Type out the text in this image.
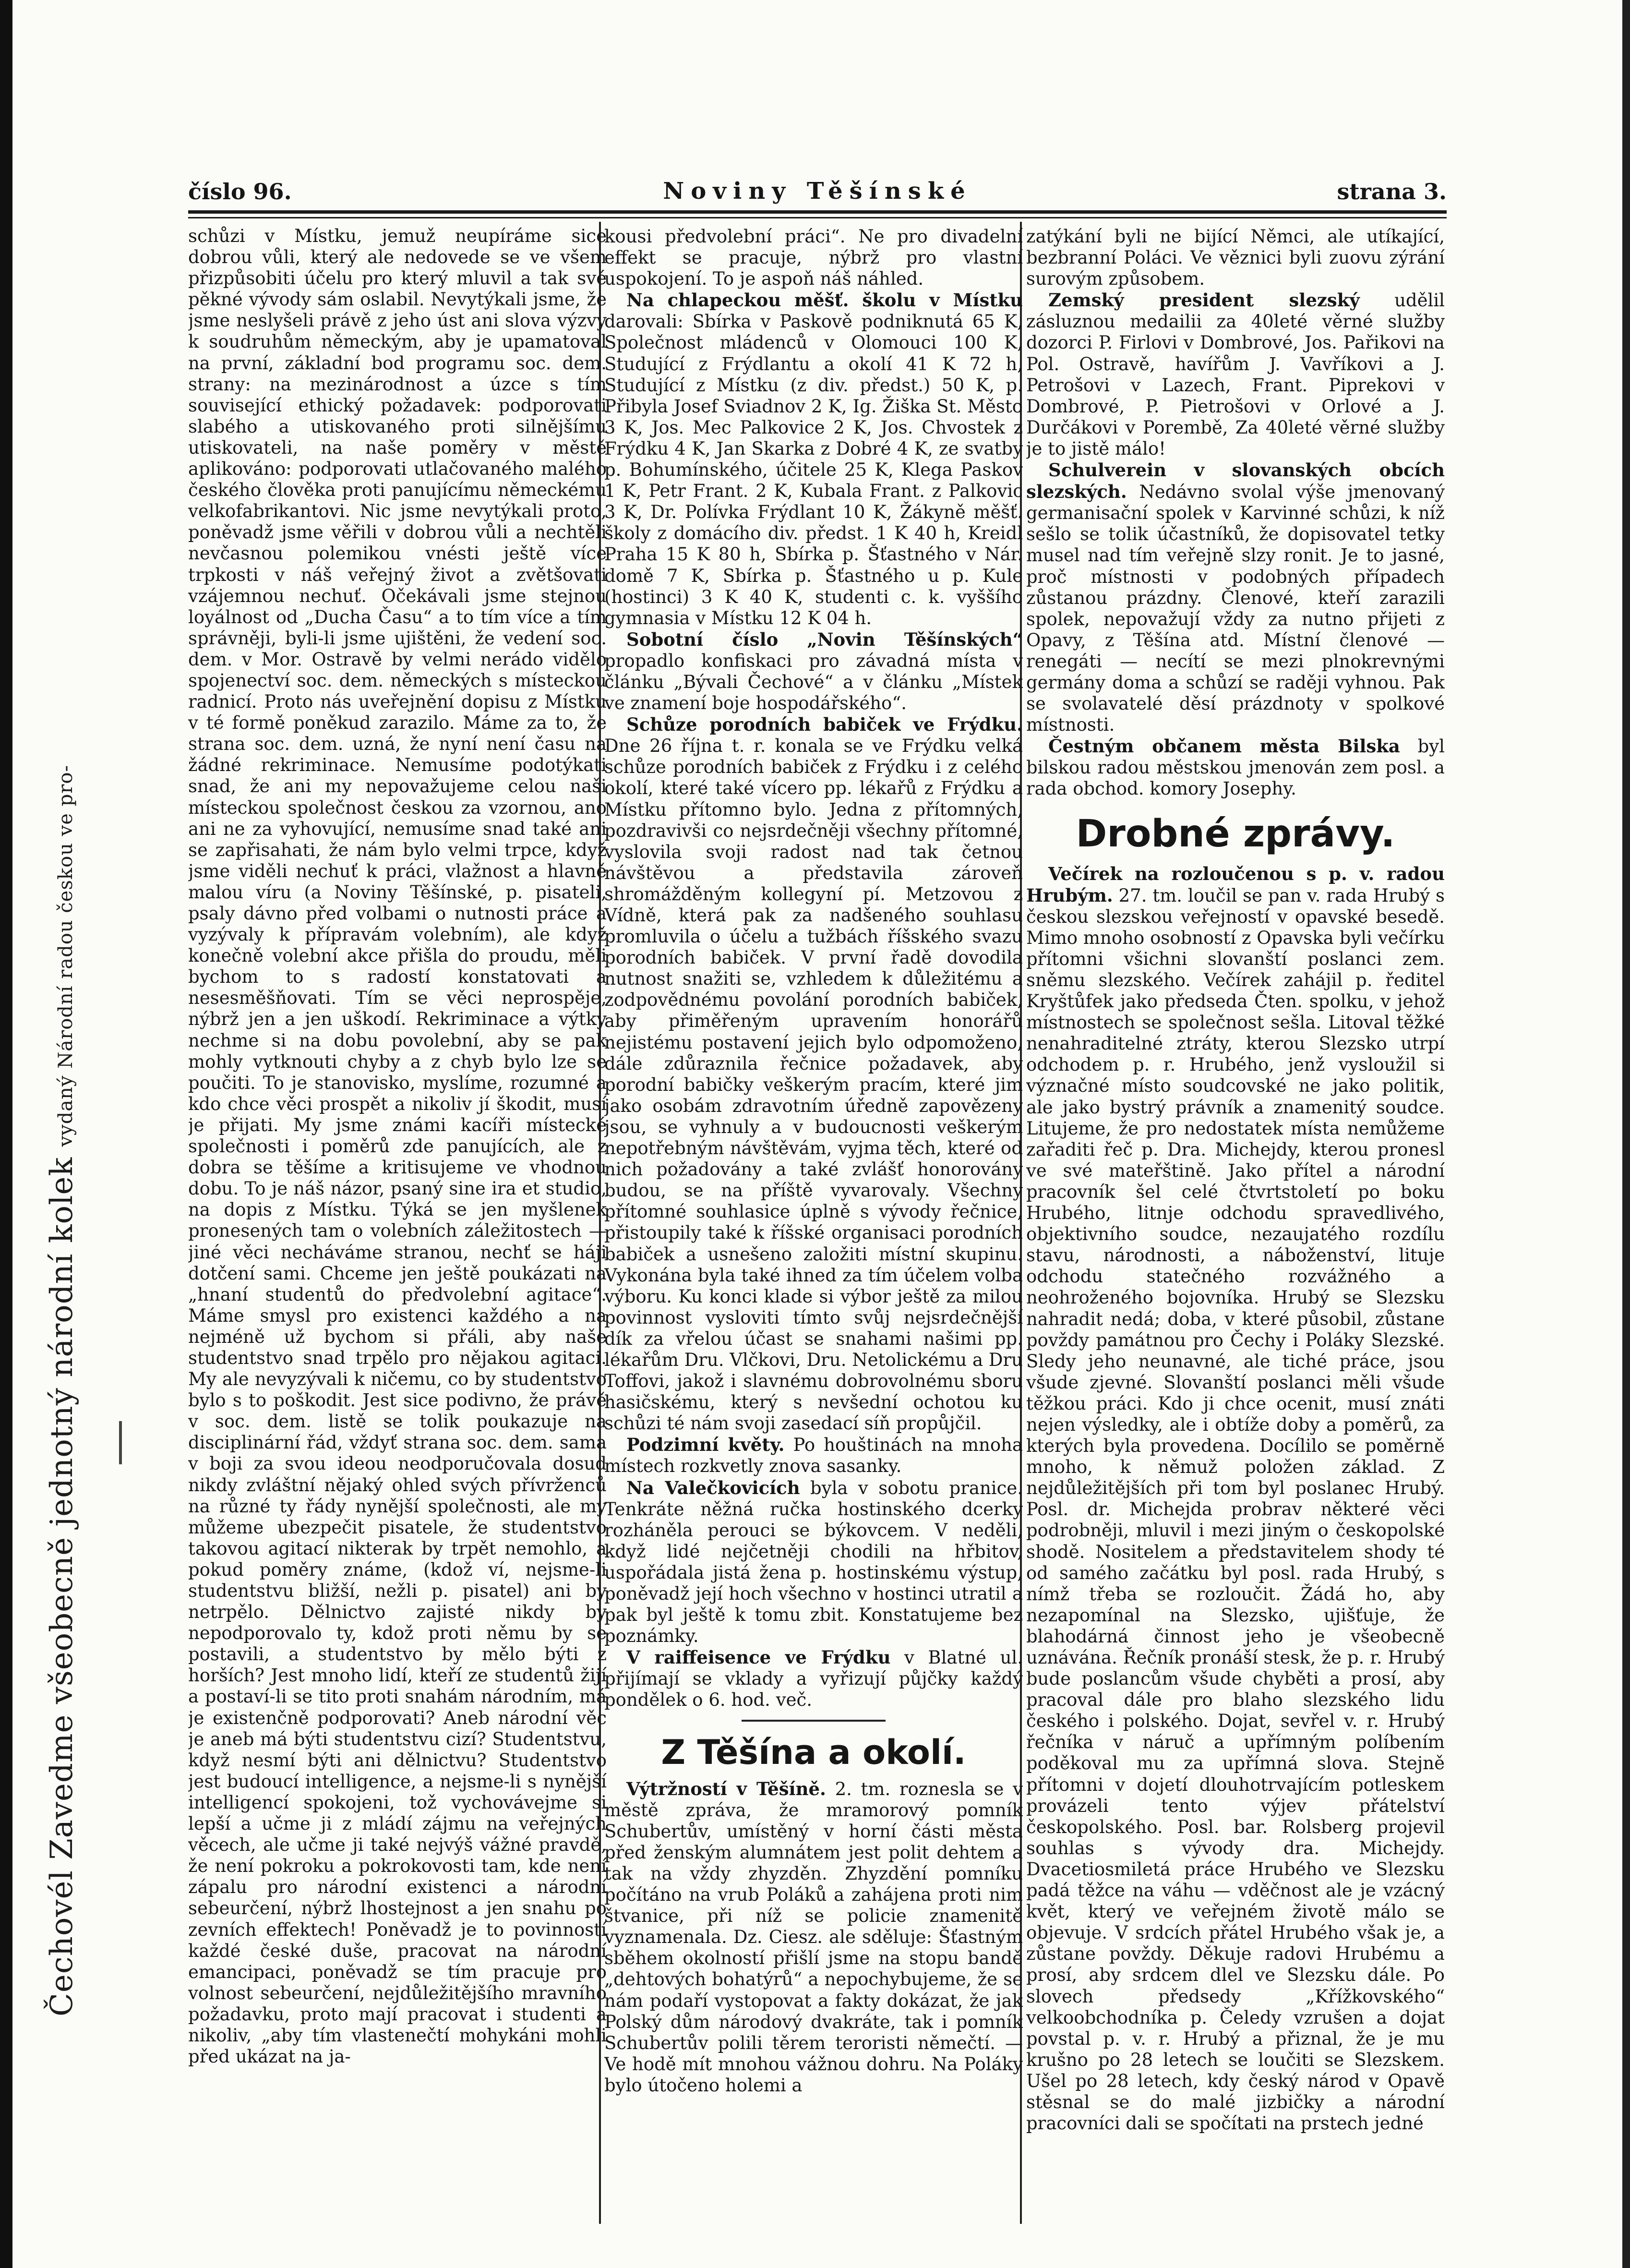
Čechovél Zavedme všeobecně jednotný národní kolek vydaný Národní radou českou ve pro-
číslo 96.	Noviny Těšínské	strana 3.

schůzi v Místku, jemuž neupíráme sice dobrou vůli, který ale nedovede se ve všem přizpůsobiti účelu pro který mluvil a tak své pěkné vývody sám oslabil. Nevytýkali jsme, že jsme neslyšeli právě z jeho úst ani slova výzvy k soudruhům německým, aby je upamatoval na první, základní bod programu soc. dem. strany: na mezinárodnost a úzce s tím související ethický požadavek: podporovati slabého a utiskovaného proti silnějšímu utiskovateli, na naše poměry v městě aplikováno: podporovati utlačovaného malého českého člověka proti panujícímu německému velkofabrikantovi. Nic jsme nevytýkali proto, poněvadž jsme věřili v dobrou vůli a nechtěli nevčasnou polemikou vnésti ještě více trpkosti v náš veřejný život a zvětšovati vzájemnou nechuť. Očekávali jsme stejnou loyálnost od „Ducha Času“ a to tím více a tím správněji, byli-li jsme ujištěni, že vedení soc. dem. v Mor. Ostravě by velmi nerádo vidělo spojenectví soc. dem. německých s místeckou radnicí. Proto nás uveřejnění dopisu z Místku v té formě poněkud zarazilo. Máme za to, že strana soc. dem. uzná, že nyní není času na žádné rekriminace. Nemusíme podotýkati snad, že ani my nepovažujeme celou naši místeckou společnost českou za vzornou, ano ani ne za vyhovující, nemusíme snad také ani se zapřisahati, že nám bylo velmi trpce, když jsme viděli nechuť k práci, vlažnost a hlavně malou víru (a Noviny Těšínské, p. pisateli, psaly dávno před volbami o nutnosti práce a vyzývaly k přípravám volebním), ale když konečně volební akce přišla do proudu, měli bychom to s radostí konstatovati a nesesměšňovati. Tím se věci neprospěje, nýbrž jen a jen uškodí. Rekriminace a výtky nechme si na dobu povolební, aby se pak mohly vytknouti chyby a z chyb bylo lze se poučiti. To je stanovisko, myslíme, rozumné a kdo chce věci prospět a nikoliv jí škodit, musí je přijati. My jsme známi kacíři místecké společnosti i poměrů zde panujících, ale z dobra se těšíme a kritisujeme ve vhodnou dobu. To je náš názor, psaný sine ira et studio, na dopis z Místku. Týká se jen myšlenek pronesených tam o volebních záležitostech — jiné věci necháváme stranou, nechť se háji dotčení sami. Chceme jen ještě poukázati na „hnaní studentů do předvolební agitace“. Máme smysl pro existenci každého a na nejméně už bychom si přáli, aby naše studentstvo snad trpělo pro nějakou agitaci. My ale nevyzývali k ničemu, co by studentstvo bylo s to poškodit. Jest sice podivno, že právě v soc. dem. listě se tolik poukazuje na disciplinární řád, vždyť strana soc. dem. sama v boji za svou ideou neodporučovala dosud nikdy zvláštní nějaký ohled svých přívrženců na různé ty řády nynější společnosti, ale my můžeme ubezpečit pisatele, že studentstvo takovou agitací nikterak by trpět nemohlo, a pokud poměry známe, (kdož ví, nejsme-li studentstvu bližší, nežli p. pisatel) ani by netrpělo. Dělnictvo zajisté nikdy by nepodporovalo ty, kdož proti němu by se postavili, a studentstvo by mělo býti z horších? Jest mnoho lidí, kteří ze studentů žijí a postaví-li se tito proti snahám národním, má je existenčně podporovati? Aneb národní věc je aneb má býti studentstvu cizí? Studentstvu, když nesmí býti ani dělnictvu? Studentstvo jest budoucí intelligence, a nejsme-li s nynější intelligencí spokojeni, tož vychovávejme si lepší a učme ji z mládí zájmu na veřejných věcech, ale učme ji také nejvýš vážné pravdě, že není pokroku a pokrokovosti tam, kde není zápalu pro národní existenci a národní sebeurčení, nýbrž lhostejnost a jen snahu po zevních effektech! Poněvadž je to povinností každé české duše, pracovat na národní emancipaci, poněvadž se tím pracuje pro volnost sebeurčení, nejdůležitějšího mravního požadavku, proto mají pracovat i studenti a nikoliv, „aby tím vlastenečtí mohykáni mohli před ukázat na ja-

kousi předvolební práci“. Ne pro divadelní effekt se pracuje, nýbrž pro vlastní uspokojení. To je aspoň náš náhled.

Na chlapeckou měšť. školu v Místku darovali: Sbírka v Paskově podniknutá 65 K, Společnost mládenců v Olomouci 100 K, Studující z Frýdlantu a okolí 41 K 72 h, Studující z Místku (z div. předst.) 50 K, p. Přibyla Josef Sviadnov 2 K, Ig. Žiška St. Město 3 K, Jos. Mec Palkovice 2 K, Jos. Chvostek z Frýdku 4 K, Jan Skarka z Dobré 4 K, ze svatby p. Bohumínského, účitele 25 K, Klega Paskov 1 K, Petr Frant. 2 K, Kubala Frant. z Palkovic 3 K, Dr. Polívka Frýdlant 10 K, Žákyně měšť. školy z domácího div. předst. 1 K 40 h, Kreidl Praha 15 K 80 h, Sbírka p. Šťastného v Nár. domě 7 K, Sbírka p. Šťastného u p. Kule (hostinci) 3 K 40 K, studenti c. k. vyššího gymnasia v Místku 12 K 04 h.

Sobotní číslo „Novin Těšínských“ propadlo konfiskaci pro závadná místa v článku „Bývali Čechové“ a v článku „Místek ve znamení boje hospodářského“.

Schůze porodních babiček ve Frýdku. Dne 26 října t. r. konala se ve Frýdku velká schůze porodních babiček z Frýdku i z celého okolí, které také vícero pp. lékařů z Frýdku a Místku přítomno bylo. Jedna z přítomných, pozdravivši co nejsrdečněji všechny přítomné, vyslovila svoji radost nad tak četnou návštěvou a představila zároveň shromážděným kollegyní pí. Metzovou z Vídně, která pak za nadšeného souhlasu promluvila o účelu a tužbách říšského svazu porodních babiček. V první řadě dovodila nutnost snažiti se, vzhledem k důležitému a zodpovědnému povolání porodních babiček, aby přiměřeným upravením honorářů nejistému postavení jejich bylo odpomoženo, dále zdůraznila řečnice požadavek, aby porodní babičky veškerým pracím, které jim jako osobám zdravotním úředně zapovězeny jsou, se vyhnuly a v budoucnosti veškerým nepotřebným návštěvám, vyjma těch, které od nich požadovány a také zvlášť honorovány budou, se na příště vyvarovaly. Všechny přítomné souhlasice úplně s vývody řečnice, přistoupily také k říšské organisaci porodních babiček a usnešeno založiti místní skupinu. Vykonána byla také ihned za tím účelem volba výboru. Ku konci klade si výbor ještě za milou povinnost vysloviti tímto svůj nejsrdečnější dík za vřelou účast se snahami našimi pp. lékařům Dru. Vlčkovi, Dru. Netolickému a Dru Toffovi, jakož i slavnému dobrovolnému sboru hasičskému, který s nevšední ochotou ku schůzi té nám svoji zasedací síň propůjčil.

Podzimní květy. Po houštinách na mnoha místech rozkvetly znova sasanky.

Na Valečkovicích byla v sobotu pranice. Tenkráte něžná ručka hostinského dcerky rozháněla perouci se býkovcem. V neděli, když lidé nejčetněji chodili na hřbitov, uspořádala jistá žena p. hostinskému výstup, poněvadž její hoch všechno v hostinci utratil a pak byl ještě k tomu zbit. Konstatujeme bez poznámky.

V raiffeisence ve Frýdku v Blatné ul. přijímají se vklady a vyřizují půjčky každý pondělek o 6. hod. več.

Z Těšína a okolí.

Výtržností v Těšíně. 2. tm. roznesla se v městě zpráva, že mramorový pomník Schubertův, umístěný v horní části města před ženským alumnátem jest polit dehtem a tak na vždy zhyzděn. Zhyzdění pomníku počítáno na vrub Poláků a zahájena proti nim štvanice, při níž se policie znamenitě vyznamenala. Dz. Ciesz. ale sděluje: Šťastným sběhem okolností přišlí jsme na stopu bandě „dehtových bohatýrů“ a nepochybujeme, že se nám podaří vystopovat a fakty dokázat, že jak Polský dům národový dvakráte, tak i pomník Schubertův polili těrem teroristi němečtí. — Ve hodě mít mnohou vážnou dohru. Na Poláky bylo útočeno holemi a

zatýkání byli ne bijící Němci, ale utíkající, bezbranní Poláci. Ve věznici byli zuovu zýrání surovým způsobem.

Zemský president slezský udělil zásluznou medailii za 40leté věrné služby dozorci P. Firlovi v Dombrové, Jos. Pařikovi na Pol. Ostravě, havířům J. Vavříkovi a J. Petrošovi v Lazech, Frant. Piprekovi v Dombrové, P. Pietrošovi v Orlové a J. Durčákovi v Porembě, Za 40leté věrné služby je to jistě málo!

Schulverein v slovanských obcích slezských. Nedávno svolal výše jmenovaný germanisační spolek v Karvinné schůzi, k níž sešlo se tolik účastníků, že dopisovatel tetky musel nad tím veřejně slzy ronit. Je to jasné, proč místnosti v podobných případech zůstanou prázdny. Členové, kteří zarazili spolek, nepovažují vždy za nutno přijeti z Opavy, z Těšína atd. Místní členové — renegáti — necítí se mezi plnokrevnými germány doma a schůzí se raději vyhnou. Pak se svolavatelé děsí prázdnoty v spolkové místnosti.

Čestným občanem města Bilska byl bilskou radou městskou jmenován zem posl. a rada obchod. komory Josephy.

Drobné zprávy.

Večírek na rozloučenou s p. v. radou Hrubým. 27. tm. loučil se pan v. rada Hrubý s českou slezskou veřejností v opavské besedě. Mimo mnoho osobností z Opavska byli večírku přítomni všichni slovanští poslanci zem. sněmu slezského. Večírek zahájil p. ředitel Kryštůfek jako předseda Čten. spolku, v jehož místnostech se společnost sešla. Litoval těžké nenahraditelné ztráty, kterou Slezsko utrpí odchodem p. r. Hrubého, jenž vysloužil si význačné místo soudcovské ne jako politik, ale jako bystrý právník a znamenitý soudce. Litujeme, že pro nedostatek místa nemůžeme zařaditi řeč p. Dra. Michejdy, kterou pronesl ve své mateřštině. Jako přítel a národní pracovník šel celé čtvrtstoletí po boku Hrubého, litnje odchodu spravedlivého, objektivního soudce, nezaujatého rozdílu stavu, národnosti, a náboženství, lituje odchodu statečného rozvážného a neohroženého bojovníka. Hrubý se Slezsku nahradit nedá; doba, v které působil, zůstane povždy památnou pro Čechy i Poláky Slezské. Sledy jeho neunavné, ale tiché práce, jsou všude zjevné. Slovanští poslanci měli všude těžkou práci. Kdo ji chce ocenit, musí znáti nejen výsledky, ale i obtíže doby a poměrů, za kterých byla provedena. Docílilo se poměrně mnoho, k němuž položen základ. Z nejdůležitějších při tom byl poslanec Hrubý. Posl. dr. Michejda probrav některé věci podrobněji, mluvil i mezi jiným o českopolské shodě. Nositelem a představitelem shody té od samého začátku byl posl. rada Hrubý, s nímž třeba se rozloučit. Žádá ho, aby nezapomínal na Slezsko, ujišťuje, že blahodárná činnost jeho je všeobecně uznávána. Řečník pronáší stesk, že p. r. Hrubý bude poslancům všude chyběti a prosí, aby pracoval dále pro blaho slezského lidu českého i polského. Dojat, sevřel v. r. Hrubý řečníka v náruč a upřímným políbením poděkoval mu za upřímná slova. Stejně přítomni v dojetí dlouhotrvajícím potleskem provázeli tento výjev přátelství českopolského. Posl. bar. Rolsberg projevil souhlas s vývody dra. Michejdy. Dvacetiosmiletá práce Hrubého ve Slezsku padá těžce na váhu — vděčnost ale je vzácný květ, který ve veřejném životě málo se objevuje. V srdcích přátel Hrubého však je, a zůstane povždy. Děkuje radovi Hrubému a prosí, aby srdcem dlel ve Slezsku dále. Po slovech předsedy „Křížkovského“ velkoobchodníka p. Čeledy vzrušen a dojat povstal p. v. r. Hrubý a přiznal, že je mu krušno po 28 letech se loučiti se Slezskem. Ušel po 28 letech, kdy český národ v Opavě stěsnal se do malé jizbičky a národní pracovníci dali se spočítati na prstech jedné
